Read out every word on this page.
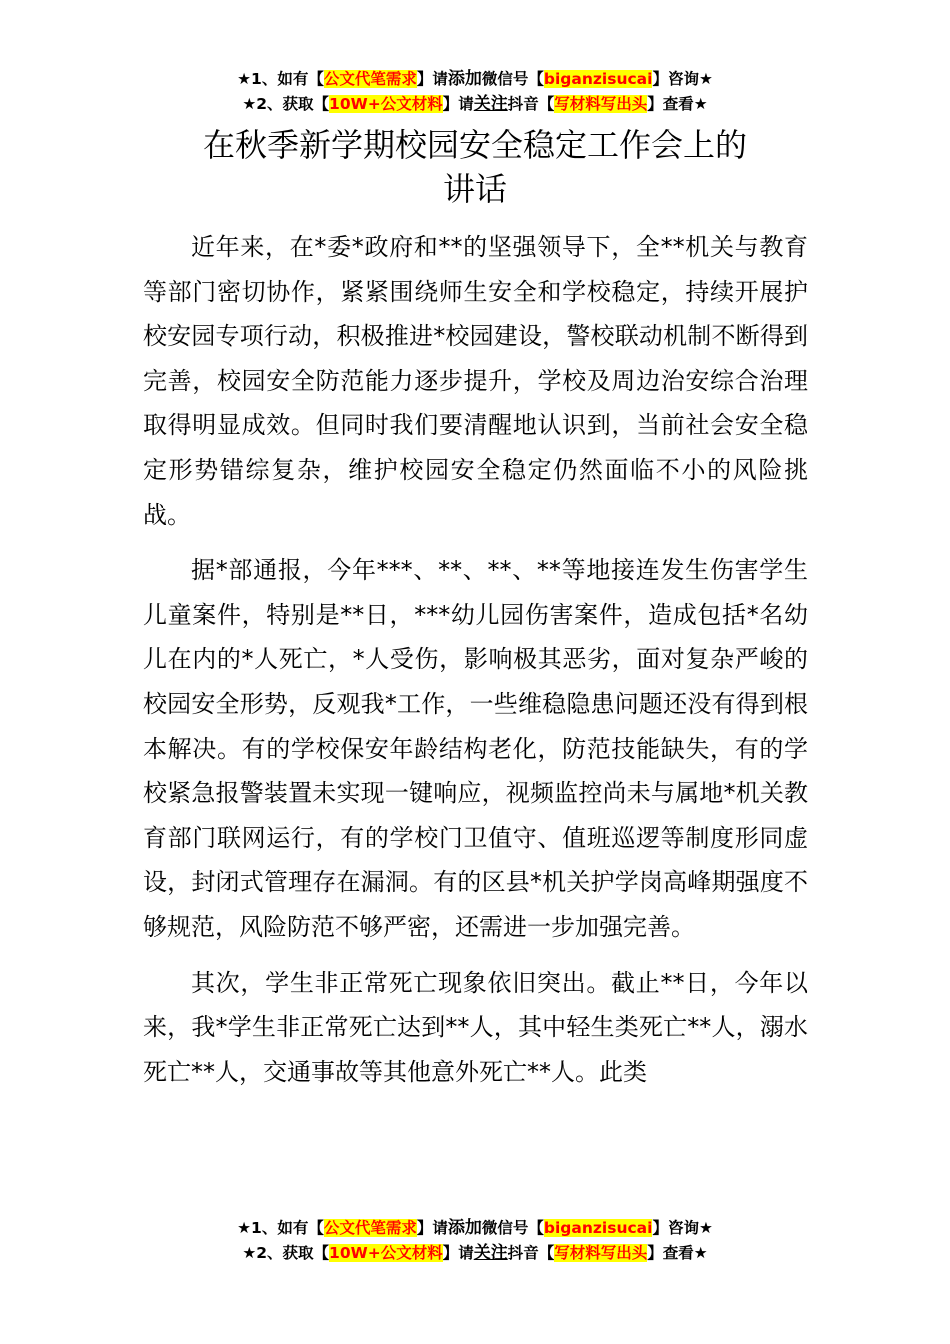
★1、如有【公文代笔需求】请添加微信号【biganzisucai】咨询★
★2、获取【10W+公文材料】请关注抖音【写材料写出头】查看★
在秋季新学期校园安全稳定工作会上的
讲话

近年来，在*委*政府和**的坚强领导下，全**机关与教育等部门密切协作，紧紧围绕师生安全和学校稳定，持续开展护校安园专项行动，积极推进*校园建设，警校联动机制不断得到完善，校园安全防范能力逐步提升，学校及周边治安综合治理取得明显成效。但同时我们要清醒地认识到，当前社会安全稳定形势错综复杂，维护校园安全稳定仍然面临不小的风险挑战。

据*部通报，今年***、**、**、**等地接连发生伤害学生儿童案件，特别是**日，***幼儿园伤害案件，造成包括*名幼儿在内的*人死亡，*人受伤，影响极其恶劣，面对复杂严峻的校园安全形势，反观我*工作，一些维稳隐患问题还没有得到根本解决。有的学校保安年龄结构老化，防范技能缺失，有的学校紧急报警装置未实现一键响应，视频监控尚未与属地*机关教育部门联网运行，有的学校门卫值守、值班巡逻等制度形同虚设，封闭式管理存在漏洞。有的区县*机关护学岗高峰期强度不够规范，风险防范不够严密，还需进一步加强完善。

其次，学生非正常死亡现象依旧突出。截止**日，今年以来，我*学生非正常死亡达到**人，其中轻生类死亡**人，溺水死亡**人，交通事故等其他意外死亡**人。此类

★1、如有【公文代笔需求】请添加微信号【biganzisucai】咨询★
★2、获取【10W+公文材料】请关注抖音【写材料写出头】查看★
